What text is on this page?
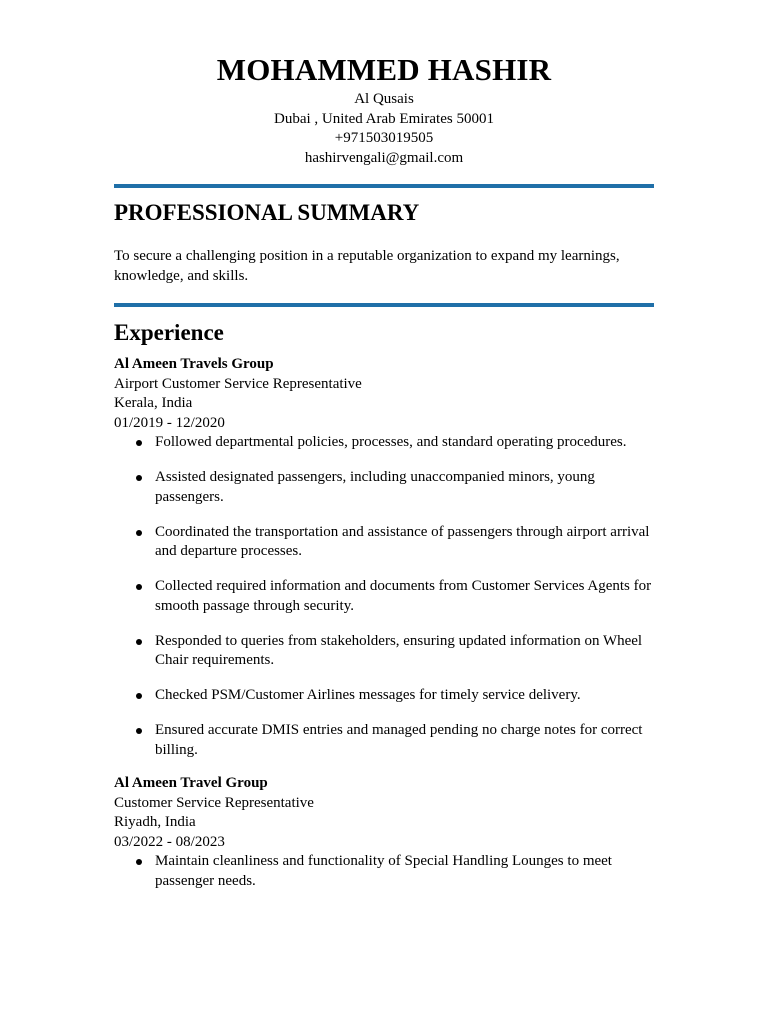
MOHAMMED HASHIR
Al Qusais
Dubai , United Arab Emirates 50001
+971503019505
hashirvengali@gmail.com
PROFESSIONAL SUMMARY
To secure a challenging position in a reputable organization to expand my learnings, knowledge, and skills.
Experience
Al Ameen Travels Group
Airport Customer Service Representative
Kerala, India
01/2019 - 12/2020
Followed departmental policies, processes, and standard operating procedures.
Assisted designated passengers, including unaccompanied minors, young passengers.
Coordinated the transportation and assistance of passengers through airport arrival and departure processes.
Collected required information and documents from Customer Services Agents for smooth passage through security.
Responded to queries from stakeholders, ensuring updated information on Wheel Chair requirements.
Checked PSM/Customer Airlines messages for timely service delivery.
Ensured accurate DMIS entries and managed pending no charge notes for correct billing.
Al Ameen Travel Group
Customer Service Representative
Riyadh, India
03/2022 - 08/2023
Maintain cleanliness and functionality of Special Handling Lounges to meet passenger needs.
